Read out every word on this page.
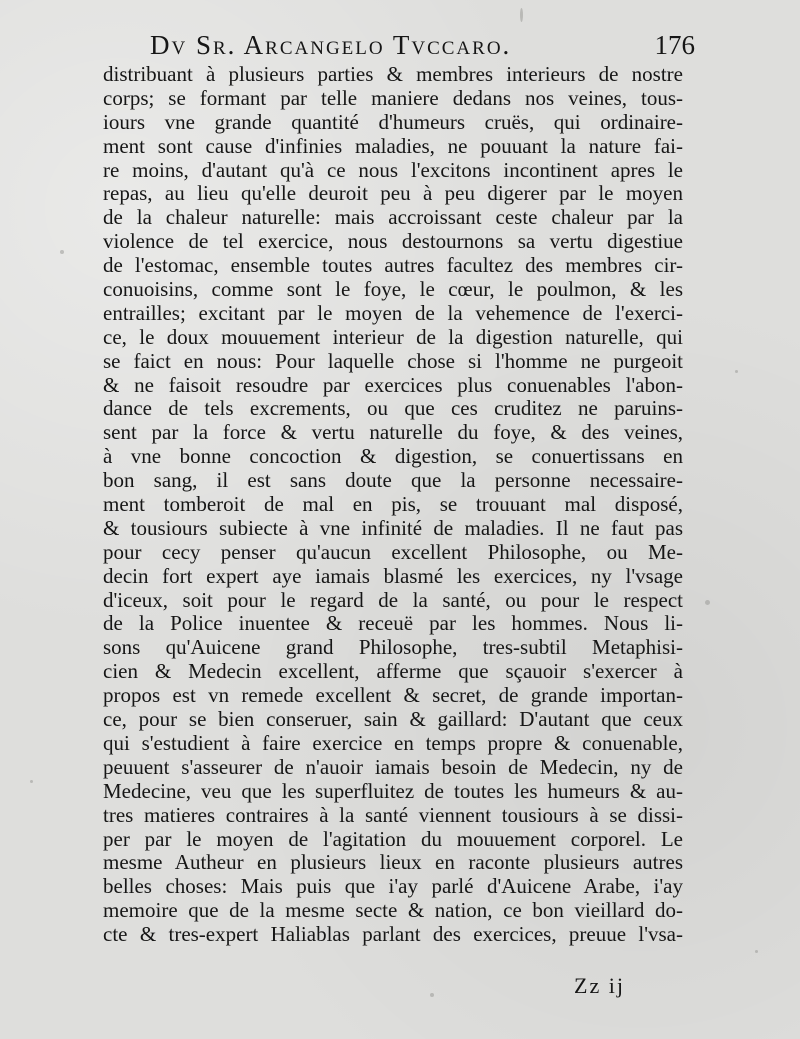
Dv Sr. Arcangelo Tvccaro.	176
distribuant à plusieurs parties & membres interieurs de nostre
corps; se formant par telle maniere dedans nos veines, tous-
iours vne grande quantité d'humeurs cruës, qui ordinaire-
ment sont cause d'infinies maladies, ne pouuant la nature fai-
re moins, d'autant qu'à ce nous l'excitons incontinent apres le
repas, au lieu qu'elle deuroit peu à peu digerer par le moyen
de la chaleur naturelle: mais accroissant ceste chaleur par la
violence de tel exercice, nous destournons sa vertu digestiue
de l'estomac, ensemble toutes autres facultez des membres cir-
conuoisins, comme sont le foye, le cœur, le poulmon, & les
entrailles; excitant par le moyen de la vehemence de l'exerci-
ce, le doux mouuement interieur de la digestion naturelle, qui
se faict en nous: Pour laquelle chose si l'homme ne purgeoit
& ne faisoit resoudre par exercices plus conuenables l'abon-
dance de tels excrements, ou que ces cruditez ne paruins-
sent par la force & vertu naturelle du foye, & des veines,
à vne bonne concoction & digestion, se conuertissans en
bon sang, il est sans doute que la personne necessaire-
ment tomberoit de mal en pis, se trouuant mal disposé,
& tousiours subiecte à vne infinité de maladies. Il ne faut pas
pour cecy penser qu'aucun excellent Philosophe, ou Me-
decin fort expert aye iamais blasmé les exercices, ny l'vsage
d'iceux, soit pour le regard de la santé, ou pour le respect
de la Police inuentee & receuë par les hommes. Nous li-
sons qu'Auicene grand Philosophe, tres-subtil Metaphisi-
cien & Medecin excellent, afferme que sçauoir s'exercer à
propos est vn remede excellent & secret, de grande importan-
ce, pour se bien conseruer, sain & gaillard: D'autant que ceux
qui s'estudient à faire exercice en temps propre & conuenable,
peuuent s'asseurer de n'auoir iamais besoin de Medecin, ny de
Medecine, veu que les superfluitez de toutes les humeurs & au-
tres matieres contraires à la santé viennent tousiours à se dissi-
per par le moyen de l'agitation du mouuement corporel. Le
mesme Autheur en plusieurs lieux en raconte plusieurs autres
belles choses: Mais puis que i'ay parlé d'Auicene Arabe, i'ay
memoire que de la mesme secte & nation, ce bon vieillard do-
cte & tres-expert Haliablas parlant des exercices, preuue l'vsa-
Zz ij
